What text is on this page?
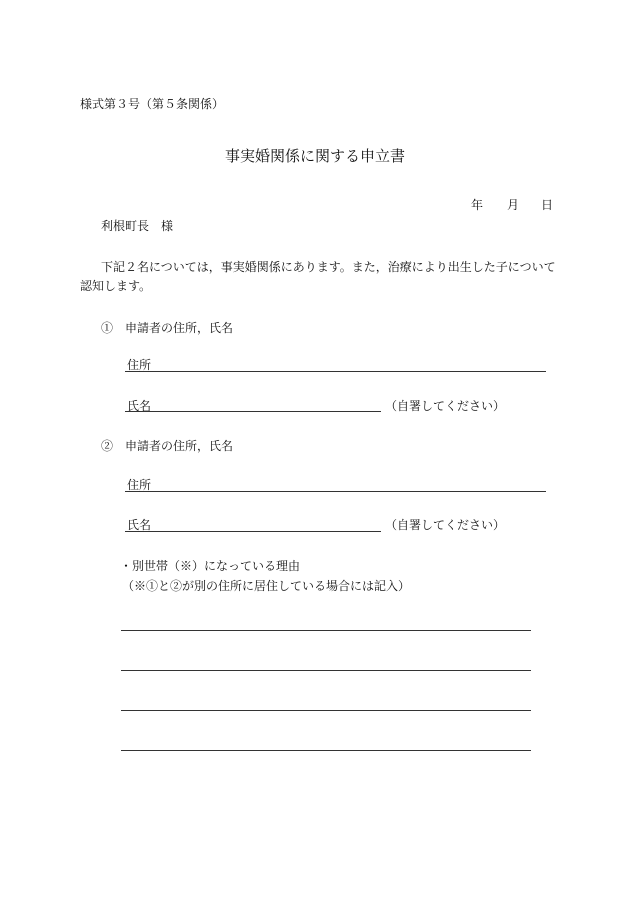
様式第３号（第５条関係）
事実婚関係に関する申立書
年 月 日
利根町長　様
下記２名については，事実婚関係にあります。また，治療により出生した子について
認知します。
①　申請者の住所，氏名
住所
氏名	（自署してください）
②　申請者の住所，氏名
住所
氏名	（自署してください）
・別世帯（※）になっている理由
（※①と②が別の住所に居住している場合には記入）
